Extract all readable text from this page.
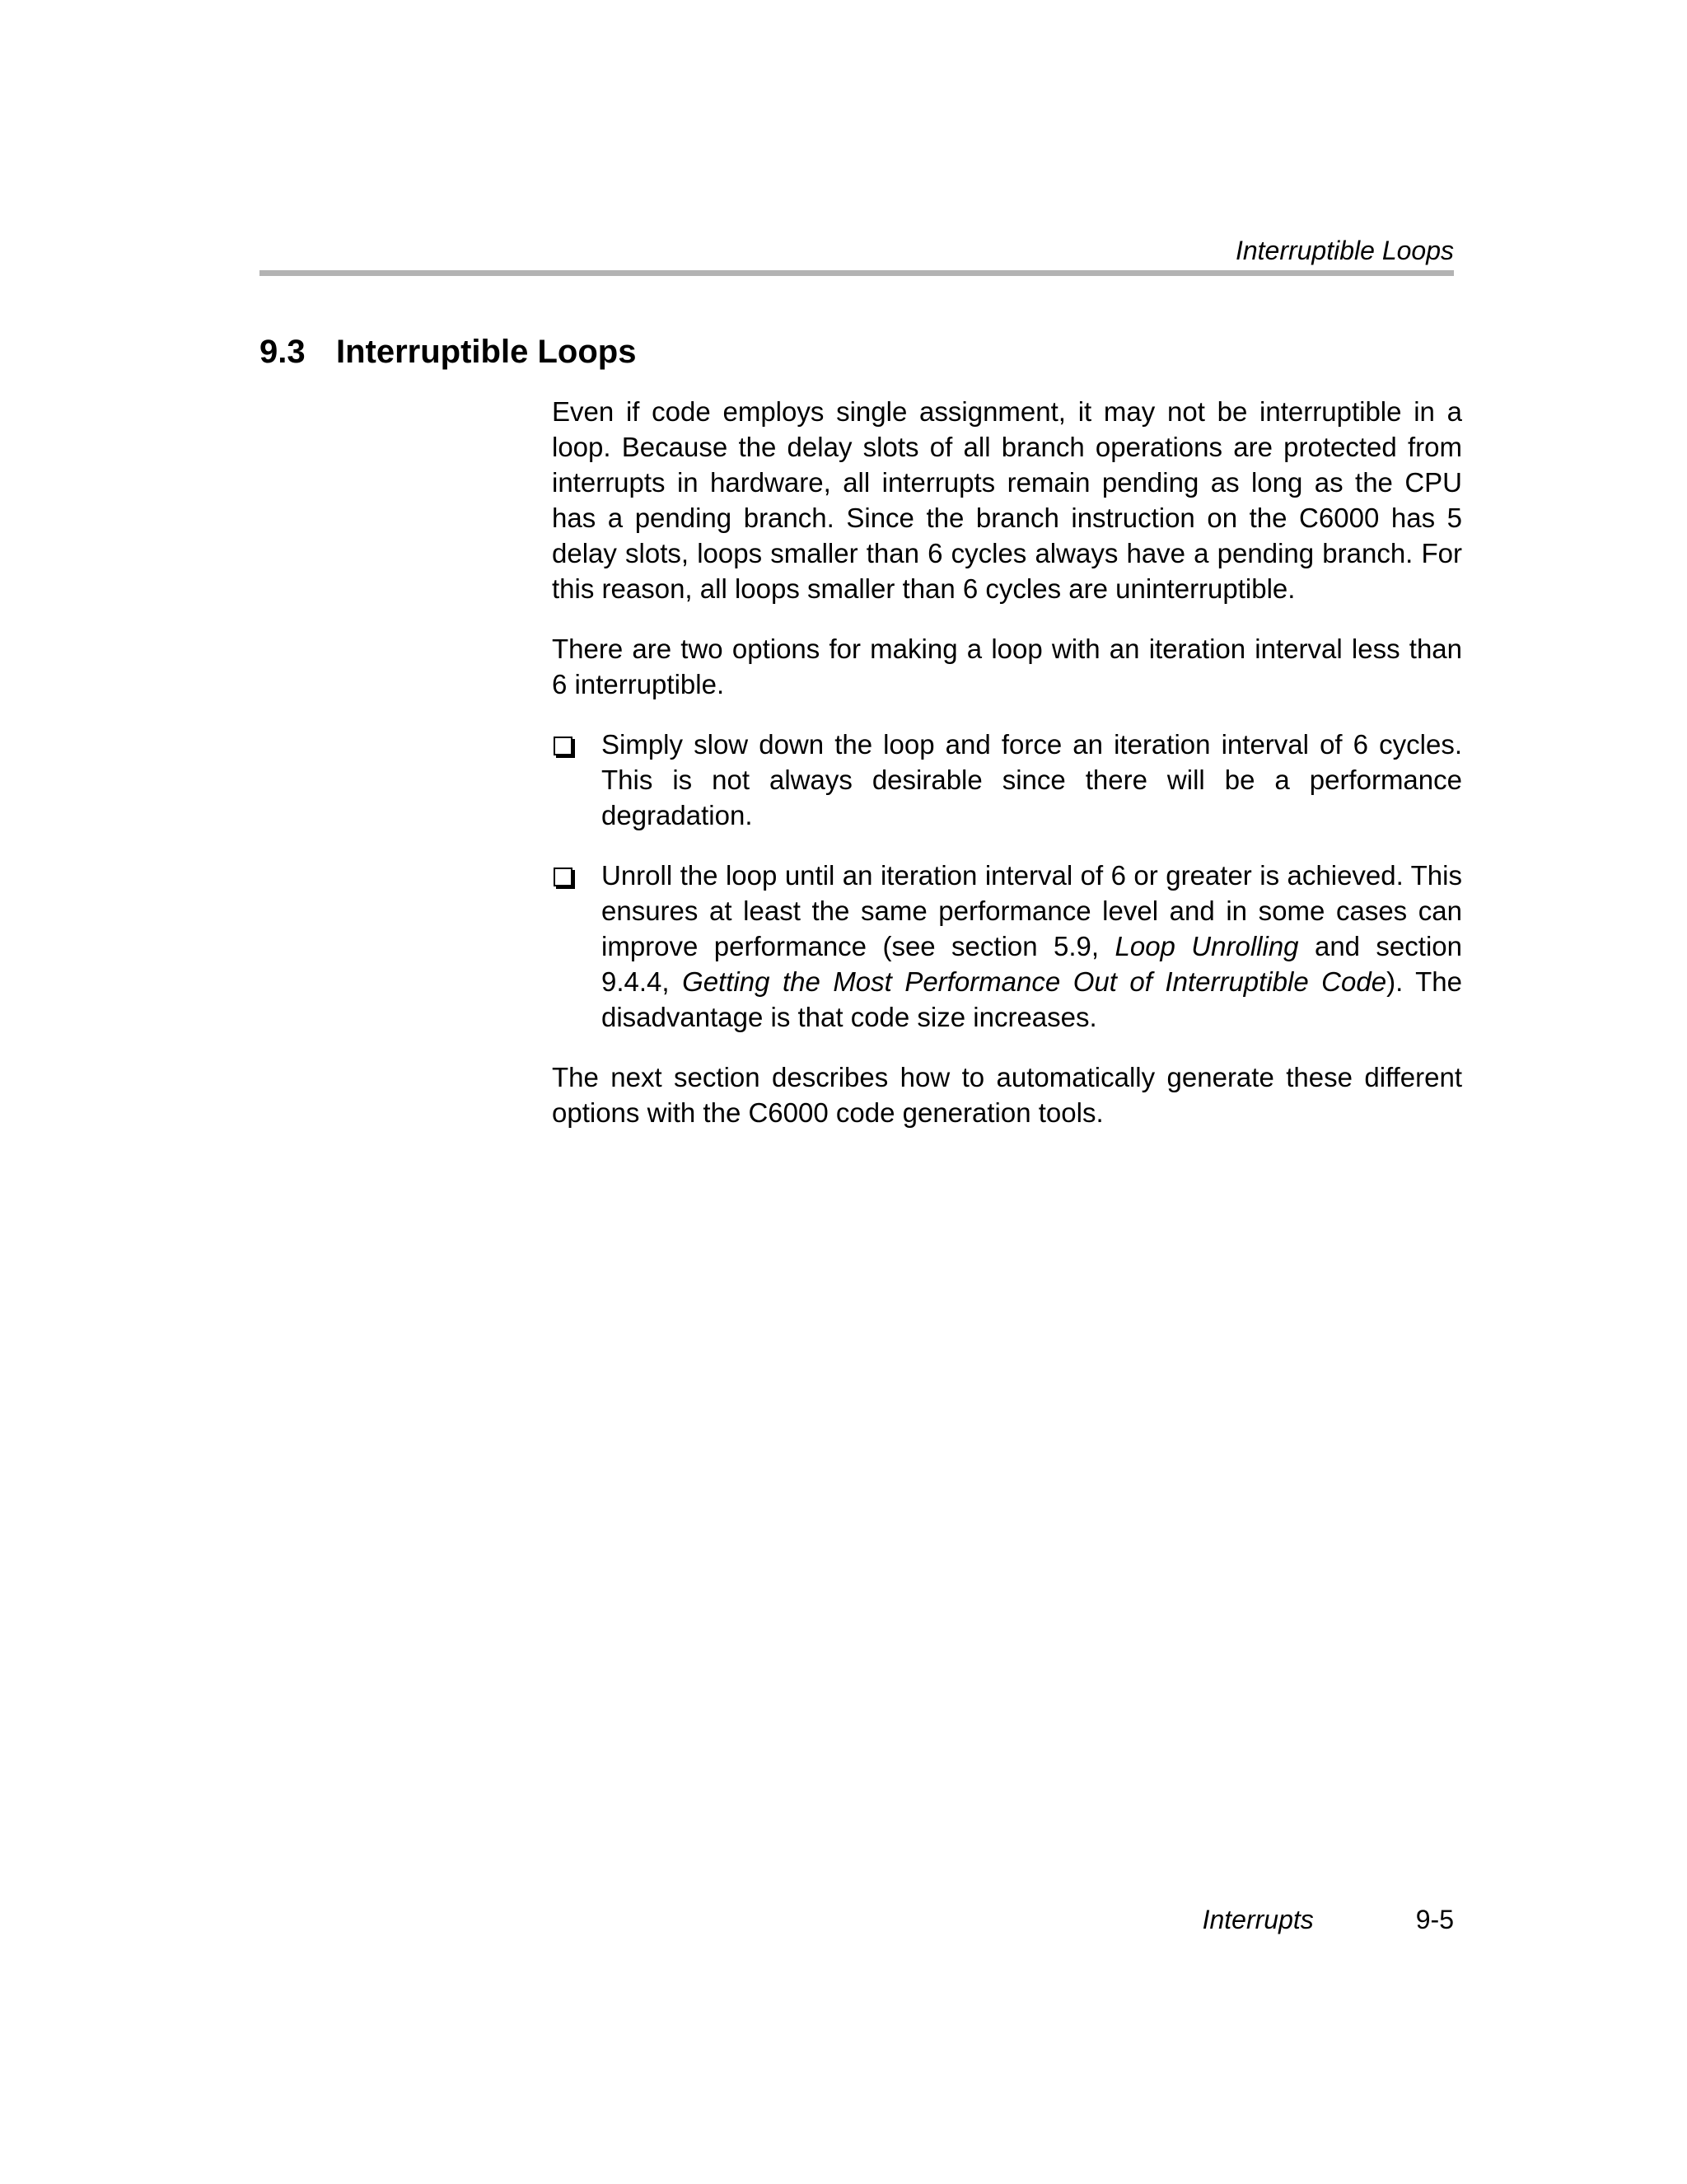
Interruptible Loops
9.3 Interruptible Loops

Even if code employs single assignment, it may not be interruptible in a loop. Because the delay slots of all branch operations are protected from interrupts in hardware, all interrupts remain pending as long as the CPU has a pending branch. Since the branch instruction on the C6000 has 5 delay slots, loops smaller than 6 cycles always have a pending branch. For this reason, all loops smaller than 6 cycles are uninterruptible.

There are two options for making a loop with an iteration interval less than 6 interruptible.

Simply slow down the loop and force an iteration interval of 6 cycles. This is not always desirable since there will be a performance degradation.
Unroll the loop until an iteration interval of 6 or greater is achieved. This ensures at least the same performance level and in some cases can improve performance (see section 5.9, Loop Unrolling and section 9.4.4, Getting the Most Performance Out of Interruptible Code). The disadvantage is that code size increases.

The next section describes how to automatically generate these different options with the C6000 code generation tools.

Interrupts	9-5
